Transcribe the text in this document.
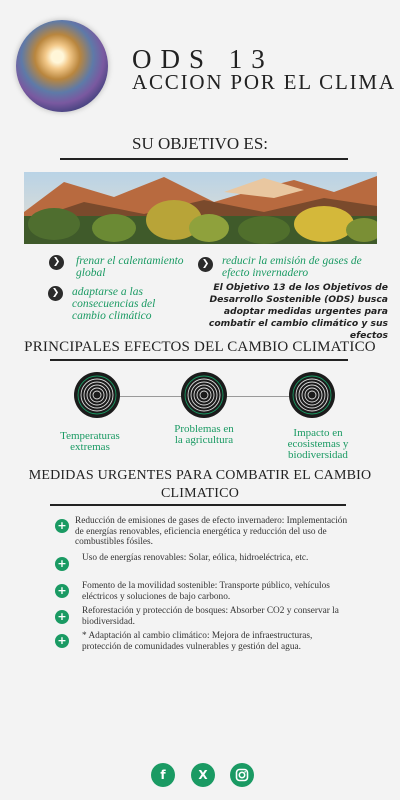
ODS 13
ACCION POR EL CLIMA
SU OBJETIVO ES:
❯	frenar el calentamiento global
❯	reducir la emisión de gases de efecto invernadero
❯	adaptarse a las consecuencias del cambio climático
El Objetivo 13 de los Objetivos de Desarrollo Sostenible (ODS) busca adoptar medidas urgentes para combatir el cambio climático y sus efectos
PRINCIPALES EFECTOS DEL CAMBIO CLIMATICO
Temperaturas extremas
Problemas en la agricultura
Impacto en ecosistemas y biodiversidad
MEDIDAS URGENTES PARA COMBATIR EL CAMBIO CLIMATICO
+ Reducción de emisiones de gases de efecto invernadero: Implementación de energías renovables, eficiencia energética y reducción del uso de combustibles fósiles.
+ Uso de energías renovables: Solar, eólica, hidroeléctrica, etc.
+ Fomento de la movilidad sostenible: Transporte público, vehículos eléctricos y soluciones de bajo carbono.
+ Reforestación y protección de bosques: Absorber CO2 y conservar la biodiversidad.
+ * Adaptación al cambio climático: Mejora de infraestructuras, protección de comunidades vulnerables y gestión del agua.
f	X
